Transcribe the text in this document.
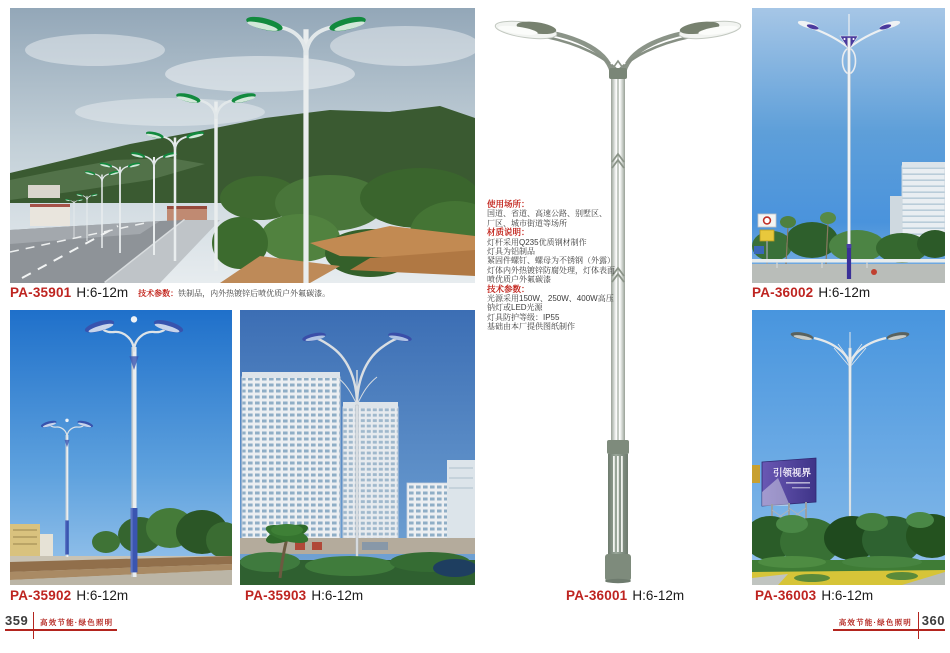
PA-35901 H:6-12m 技术参数：铁制品，内外热镀锌后喷优质户外氟碳漆。
PA-35902 H:6-12m	PA-35903 H:6-12m
使用场所：
国道、省道、高速公路、别墅区、
厂区、城市街道等场所
材质说明：
灯杆采用Q235优质钢材制作
灯具为铝制品
紧固件螺钉、螺母为不锈钢（外露）
灯体内外热镀锌防腐处理，灯体表面
喷优质户外氟碳漆
技术参数：
光源采用150W、250W、400W高压
钠灯或LED光源
灯具防护等级：IP55
基础由本厂提供图纸制作
PA-36001 H:6-12m
PA-36002 H:6-12m
引领视界
PA-36003 H:6-12m
359 高效节能·绿色照明	高效节能·绿色照明 360
